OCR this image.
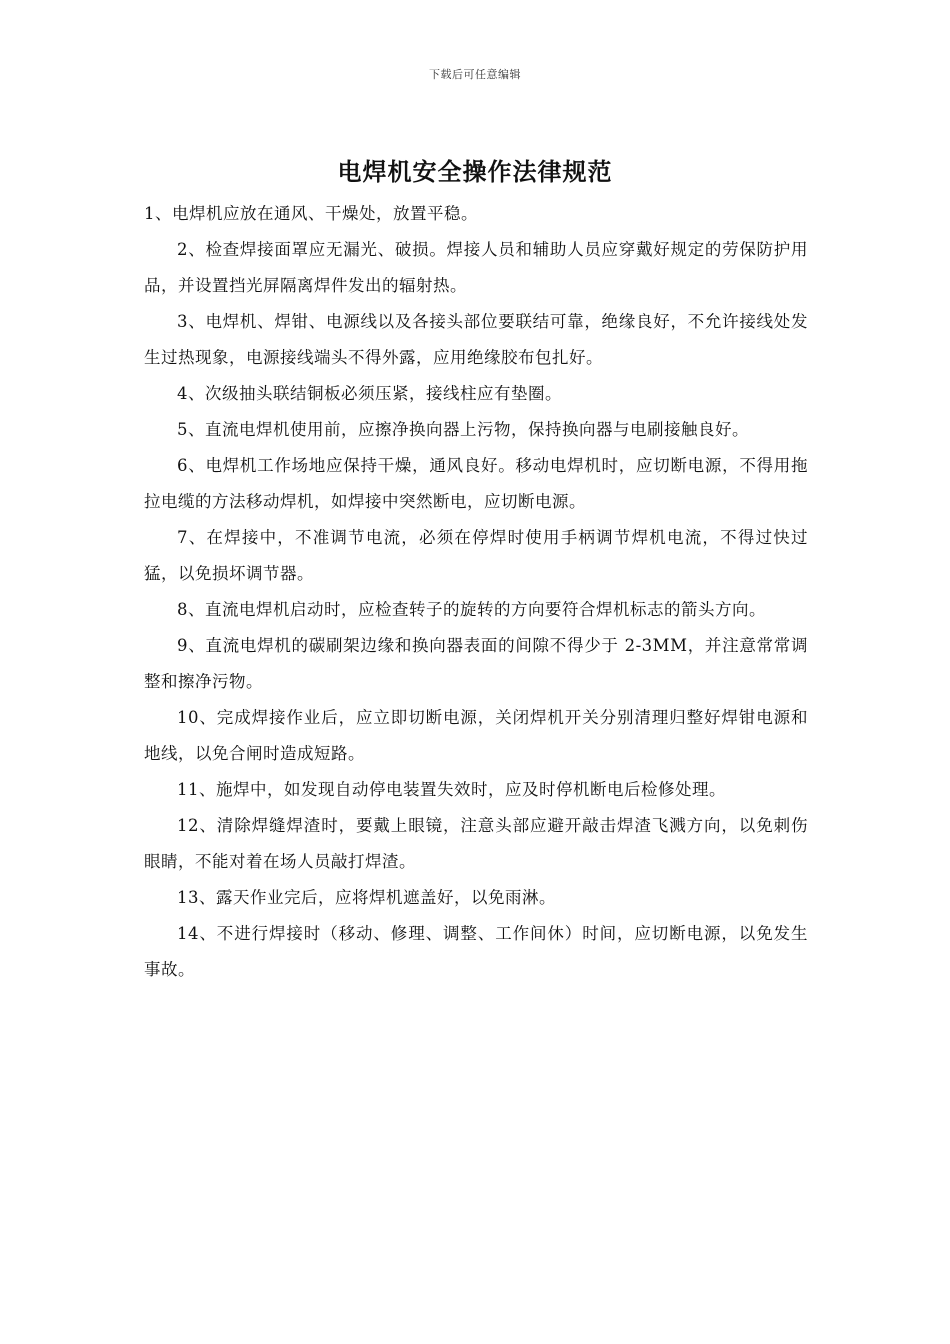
下载后可任意编辑
电焊机安全操作法律规范

1、电焊机应放在通风、干燥处，放置平稳。

2、检查焊接面罩应无漏光、破损。焊接人员和辅助人员应穿戴好规定的劳保防护用品，并设置挡光屏隔离焊件发出的辐射热。

3、电焊机、焊钳、电源线以及各接头部位要联结可靠，绝缘良好，不允许接线处发生过热现象，电源接线端头不得外露，应用绝缘胶布包扎好。

4、次级抽头联结铜板必须压紧，接线柱应有垫圈。

5、直流电焊机使用前，应擦净换向器上污物，保持换向器与电刷接触良好。

6、电焊机工作场地应保持干燥，通风良好。移动电焊机时，应切断电源，不得用拖拉电缆的方法移动焊机，如焊接中突然断电，应切断电源。

7、在焊接中，不准调节电流，必须在停焊时使用手柄调节焊机电流，不得过快过猛，以免损坏调节器。

8、直流电焊机启动时，应检查转子的旋转的方向要符合焊机标志的箭头方向。

9、直流电焊机的碳刷架边缘和换向器表面的间隙不得少于 2-3MM，并注意常常调整和擦净污物。

10、完成焊接作业后，应立即切断电源，关闭焊机开关分别清理归整好焊钳电源和地线，以免合闸时造成短路。

11、施焊中，如发现自动停电装置失效时，应及时停机断电后检修处理。

12、清除焊缝焊渣时，要戴上眼镜，注意头部应避开敲击焊渣飞溅方向，以免刺伤眼睛，不能对着在场人员敲打焊渣。

13、露天作业完后，应将焊机遮盖好，以免雨淋。

14、不进行焊接时（移动、修理、调整、工作间休）时间，应切断电源，以免发生事故。
